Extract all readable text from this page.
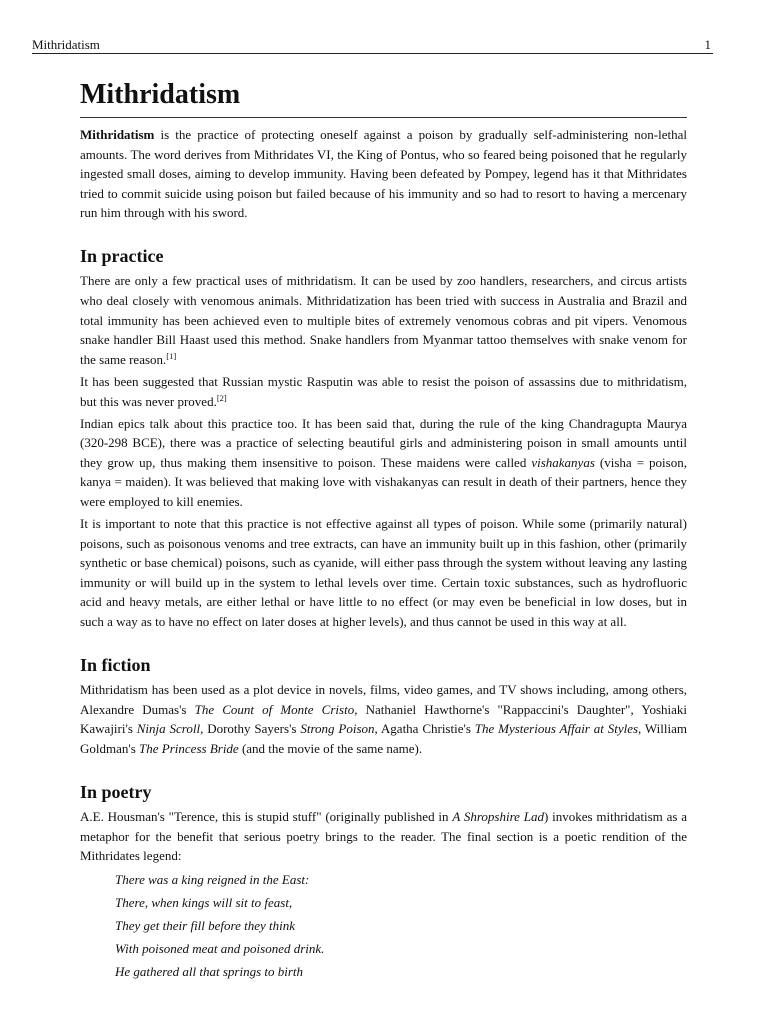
Mithridatism	1
Mithridatism

Mithridatism is the practice of protecting oneself against a poison by gradually self-administering non-lethal amounts. The word derives from Mithridates VI, the King of Pontus, who so feared being poisoned that he regularly ingested small doses, aiming to develop immunity. Having been defeated by Pompey, legend has it that Mithridates tried to commit suicide using poison but failed because of his immunity and so had to resort to having a mercenary run him through with his sword.

In practice

There are only a few practical uses of mithridatism. It can be used by zoo handlers, researchers, and circus artists who deal closely with venomous animals. Mithridatization has been tried with success in Australia and Brazil and total immunity has been achieved even to multiple bites of extremely venomous cobras and pit vipers. Venomous snake handler Bill Haast used this method. Snake handlers from Myanmar tattoo themselves with snake venom for the same reason.[1]

It has been suggested that Russian mystic Rasputin was able to resist the poison of assassins due to mithridatism, but this was never proved.[2]

Indian epics talk about this practice too. It has been said that, during the rule of the king Chandragupta Maurya (320-298 BCE), there was a practice of selecting beautiful girls and administering poison in small amounts until they grow up, thus making them insensitive to poison. These maidens were called vishakanyas (visha = poison, kanya = maiden). It was believed that making love with vishakanyas can result in death of their partners, hence they were employed to kill enemies.

It is important to note that this practice is not effective against all types of poison. While some (primarily natural) poisons, such as poisonous venoms and tree extracts, can have an immunity built up in this fashion, other (primarily synthetic or base chemical) poisons, such as cyanide, will either pass through the system without leaving any lasting immunity or will build up in the system to lethal levels over time. Certain toxic substances, such as hydrofluoric acid and heavy metals, are either lethal or have little to no effect (or may even be beneficial in low doses, but in such a way as to have no effect on later doses at higher levels), and thus cannot be used in this way at all.

In fiction

Mithridatism has been used as a plot device in novels, films, video games, and TV shows including, among others, Alexandre Dumas's The Count of Monte Cristo, Nathaniel Hawthorne's "Rappaccini's Daughter", Yoshiaki Kawajiri's Ninja Scroll, Dorothy Sayers's Strong Poison, Agatha Christie's The Mysterious Affair at Styles, William Goldman's The Princess Bride (and the movie of the same name).

In poetry

A.E. Housman's "Terence, this is stupid stuff" (originally published in A Shropshire Lad) invokes mithridatism as a metaphor for the benefit that serious poetry brings to the reader. The final section is a poetic rendition of the Mithridates legend:

There was a king reigned in the East:
There, when kings will sit to feast,
They get their fill before they think
With poisoned meat and poisoned drink.
He gathered all that springs to birth
